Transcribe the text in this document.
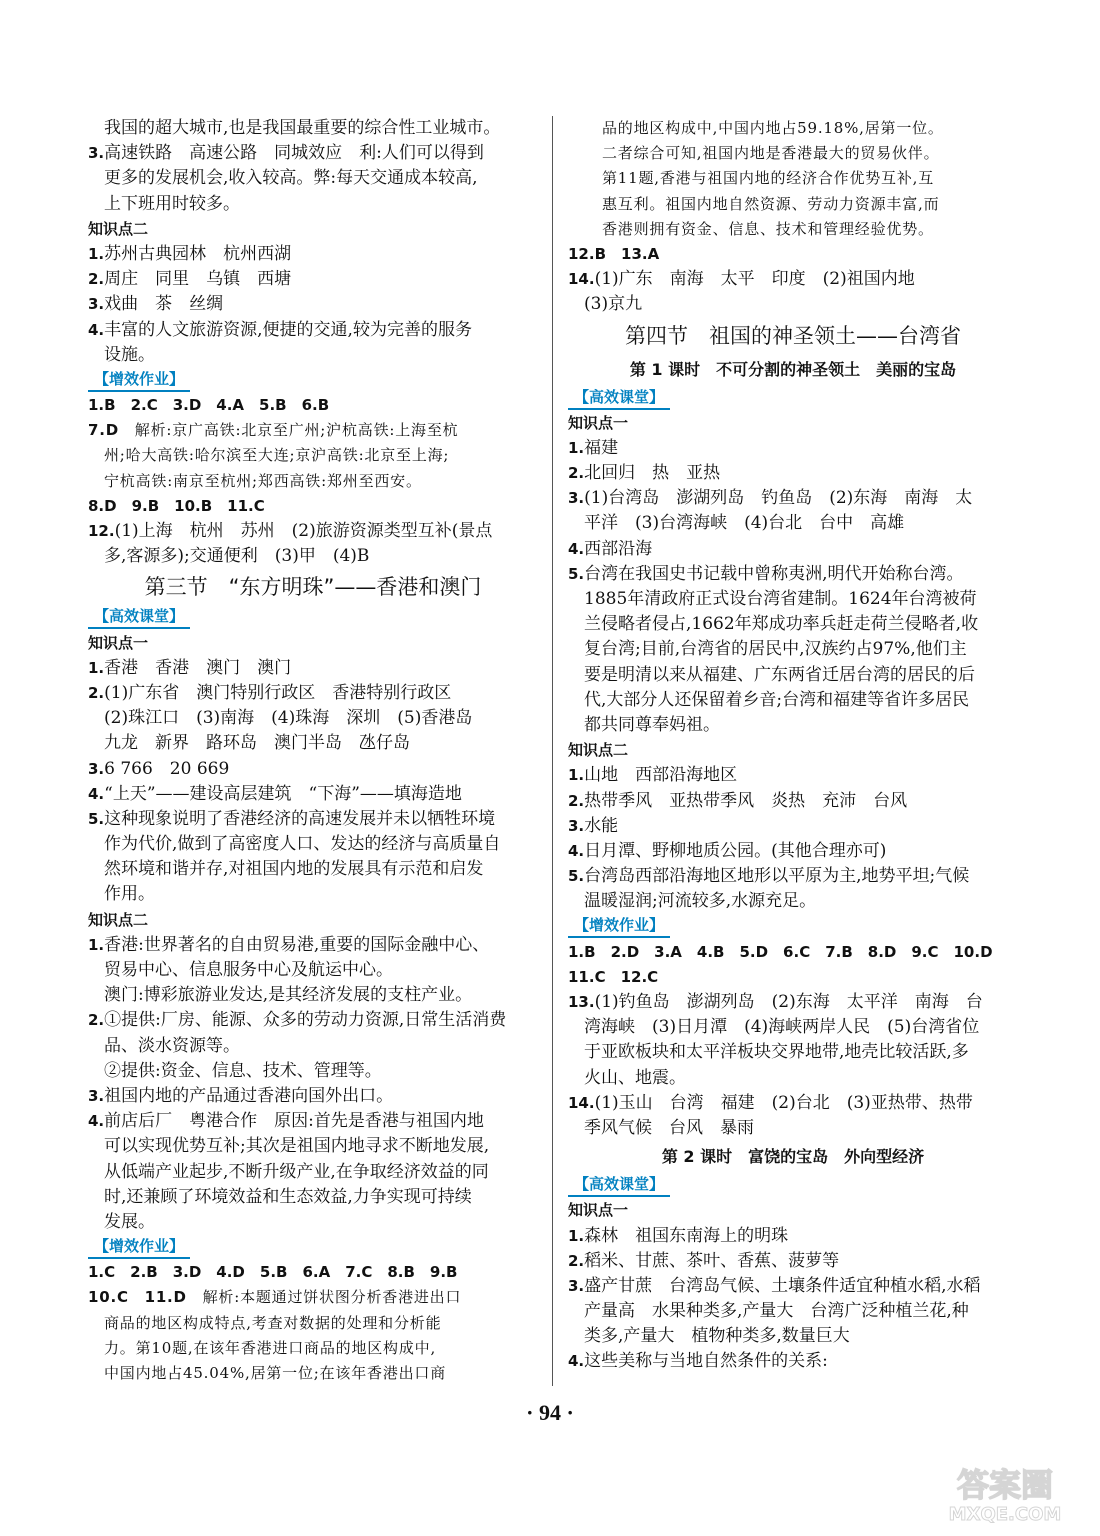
我国的超大城市,也是我国最重要的综合性工业城市。
3.高速铁路　高速公路　同城效应　利:人们可以得到
更多的发展机会,收入较高。弊:每天交通成本较高,
上下班用时较多。
知识点二
1.苏州古典园林　杭州西湖
2.周庄　同里　乌镇　西塘
3.戏曲　茶　丝绸
4.丰富的人文旅游资源,便捷的交通,较为完善的服务
设施。
【增效作业】
1.B　2.C　3.D　4.A　5.B　6.B
7.D　解析:京广高铁:北京至广州;沪杭高铁:上海至杭
州;哈大高铁:哈尔滨至大连;京沪高铁:北京至上海;
宁杭高铁:南京至杭州;郑西高铁:郑州至西安。
8.D　9.B　10.B　11.C
12.(1)上海　杭州　苏州　(2)旅游资源类型互补(景点
多,客源多);交通便利　(3)甲　(4)B
第三节　“东方明珠”——香港和澳门
【高效课堂】
知识点一
1.香港　香港　澳门　澳门
2.(1)广东省　澳门特别行政区　香港特别行政区
(2)珠江口　(3)南海　(4)珠海　深圳　(5)香港岛
九龙　新界　路环岛　澳门半岛　氹仔岛
3.6 766　20 669
4.“上天”——建设高层建筑　“下海”——填海造地
5.这种现象说明了香港经济的高速发展并未以牺牲环境
作为代价,做到了高密度人口、发达的经济与高质量自
然环境和谐并存,对祖国内地的发展具有示范和启发
作用。
知识点二
1.香港:世界著名的自由贸易港,重要的国际金融中心、
贸易中心、信息服务中心及航运中心。
澳门:博彩旅游业发达,是其经济发展的支柱产业。
2.①提供:厂房、能源、众多的劳动力资源,日常生活消费
品、淡水资源等。
②提供:资金、信息、技术、管理等。
3.祖国内地的产品通过香港向国外出口。
4.前店后厂　粤港合作　原因:首先是香港与祖国内地
可以实现优势互补;其次是祖国内地寻求不断地发展,
从低端产业起步,不断升级产业,在争取经济效益的同
时,还兼顾了环境效益和生态效益,力争实现可持续
发展。
【增效作业】
1.C　2.B　3.D　4.D　5.B　6.A　7.C　8.B　9.B
10.C　11.D　解析:本题通过饼状图分析香港进出口
商品的地区构成特点,考查对数据的处理和分析能
力。第10题,在该年香港进口商品的地区构成中,
中国内地占45.04%,居第一位;在该年香港出口商
品的地区构成中,中国内地占59.18%,居第一位。
二者综合可知,祖国内地是香港最大的贸易伙伴。
第11题,香港与祖国内地的经济合作优势互补,互
惠互利。祖国内地自然资源、劳动力资源丰富,而
香港则拥有资金、信息、技术和管理经验优势。
12.B　13.A
14.(1)广东　南海　太平　印度　(2)祖国内地
(3)京九
第四节　祖国的神圣领土——台湾省
第 1 课时　不可分割的神圣领土　美丽的宝岛
【高效课堂】
知识点一
1.福建
2.北回归　热　亚热
3.(1)台湾岛　澎湖列岛　钓鱼岛　(2)东海　南海　太
平洋　(3)台湾海峡　(4)台北　台中　高雄
4.西部沿海
5.台湾在我国史书记载中曾称夷洲,明代开始称台湾。
1885年清政府正式设台湾省建制。1624年台湾被荷
兰侵略者侵占,1662年郑成功率兵赶走荷兰侵略者,收
复台湾;目前,台湾省的居民中,汉族约占97%,他们主
要是明清以来从福建、广东两省迁居台湾的居民的后
代,大部分人还保留着乡音;台湾和福建等省许多居民
都共同尊奉妈祖。
知识点二
1.山地　西部沿海地区
2.热带季风　亚热带季风　炎热　充沛　台风
3.水能
4.日月潭、野柳地质公园。(其他合理亦可)
5.台湾岛西部沿海地区地形以平原为主,地势平坦;气候
温暖湿润;河流较多,水源充足。
【增效作业】
1.B　2.D　3.A　4.B　5.D　6.C　7.B　8.D　9.C　10.D
11.C　12.C
13.(1)钓鱼岛　澎湖列岛　(2)东海　太平洋　南海　台
湾海峡　(3)日月潭　(4)海峡两岸人民　(5)台湾省位
于亚欧板块和太平洋板块交界地带,地壳比较活跃,多
火山、地震。
14.(1)玉山　台湾　福建　(2)台北　(3)亚热带、热带
季风气候　台风　暴雨
第 2 课时　富饶的宝岛　外向型经济
【高效课堂】
知识点一
1.森林　祖国东南海上的明珠
2.稻米、甘蔗、茶叶、香蕉、菠萝等
3.盛产甘蔗　台湾岛气候、土壤条件适宜种植水稻,水稻
产量高　水果种类多,产量大　台湾广泛种植兰花,种
类多,产量大　植物种类多,数量巨大
4.这些美称与当地自然条件的关系:
· 94 ·
答案圈
MXQE.COM
